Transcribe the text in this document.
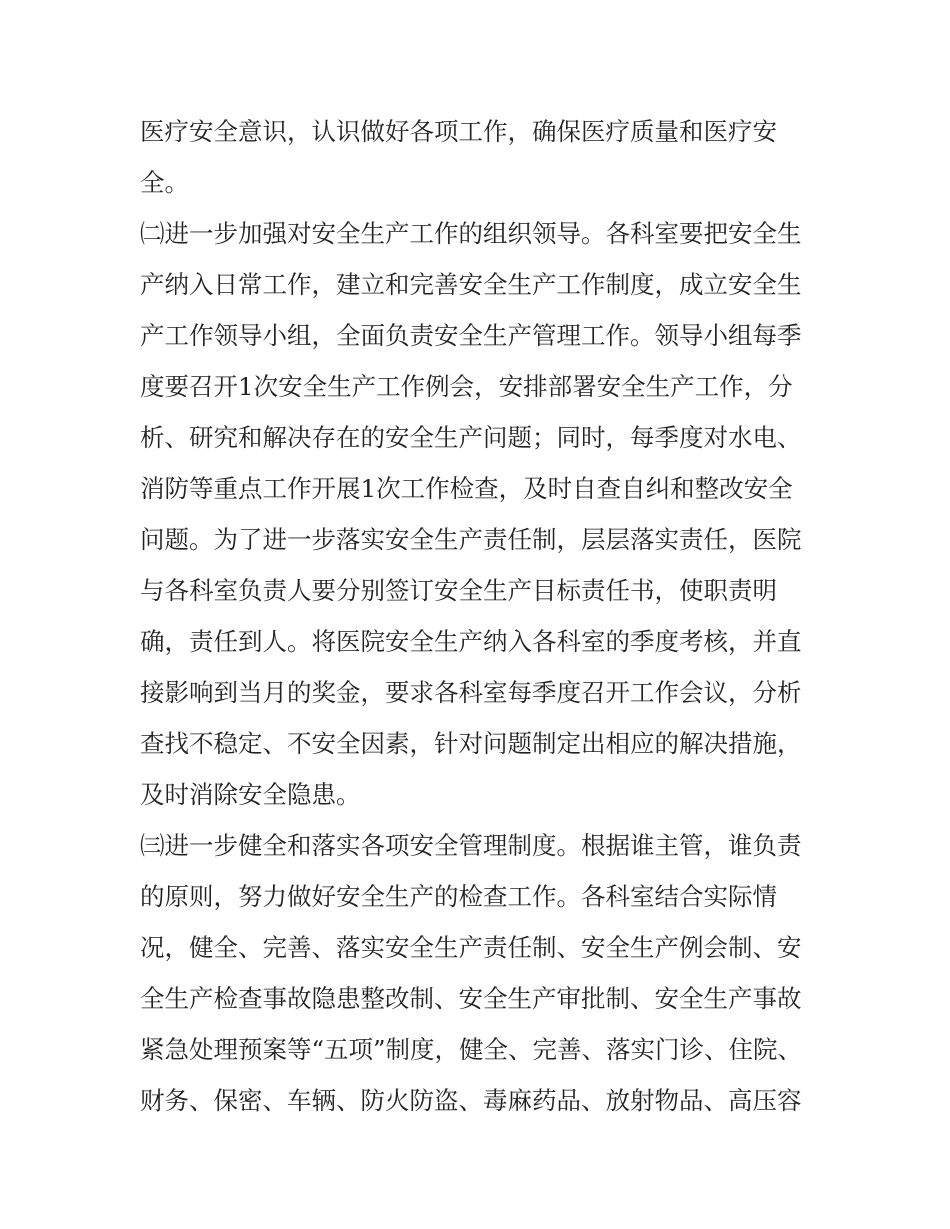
医疗安全意识，认识做好各项工作，确保医疗质量和医疗安
全。
㈡进一步加强对安全生产工作的组织领导。各科室要把安全生
产纳入日常工作，建立和完善安全生产工作制度，成立安全生
产工作领导小组，全面负责安全生产管理工作。领导小组每季
度要召开1次安全生产工作例会，安排部署安全生产工作，分
析、研究和解决存在的安全生产问题；同时，每季度对水电、
消防等重点工作开展1次工作检查，及时自查自纠和整改安全
问题。为了进一步落实安全生产责任制，层层落实责任，医院
与各科室负责人要分别签订安全生产目标责任书，使职责明
确，责任到人。将医院安全生产纳入各科室的季度考核，并直
接影响到当月的奖金，要求各科室每季度召开工作会议，分析
查找不稳定、不安全因素，针对问题制定出相应的解决措施，
及时消除安全隐患。
㈢进一步健全和落实各项安全管理制度。根据谁主管，谁负责
的原则，努力做好安全生产的检查工作。各科室结合实际情
况，健全、完善、落实安全生产责任制、安全生产例会制、安
全生产检查事故隐患整改制、安全生产审批制、安全生产事故
紧急处理预案等“五项”制度，健全、完善、落实门诊、住院、
财务、保密、车辆、防火防盗、毒麻药品、放射物品、高压容
